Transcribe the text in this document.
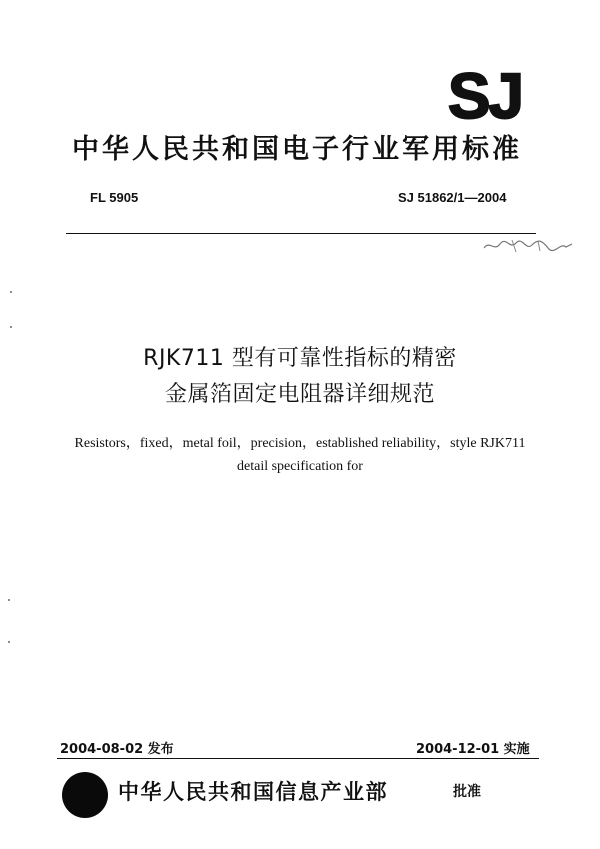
SJ
中华人民共和国电子行业军用标准
FL 5905	SJ 51862/1—2004
RJK711 型有可靠性指标的精密
金属箔固定电阻器详细规范
Resistors，fixed，metal foil，precision，established reliability，style RJK711
detail specification for
2004-08-02 发布	2004-12-01 实施
中华人民共和国信息产业部	批准
